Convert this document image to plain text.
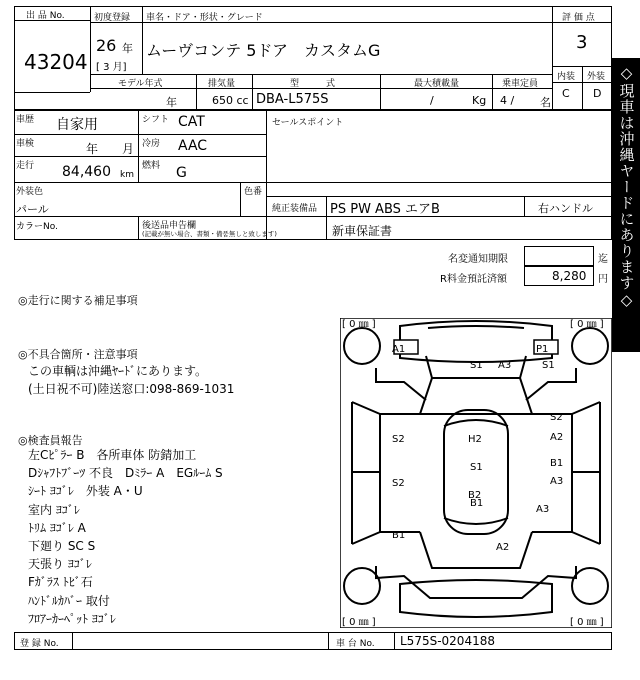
出 品 No.
43204
初度登録
26 年
[ 3 月]
車名・ドア・形状・グレード
ムーヴコンテ 5ドア　カスタムG
評 価 点
3
内装 外装
C D
モデル年式
年
排気量
650 cc
型　　　式
DBA-L575S
最大積載量
/	Kg
乗車定員
4 / 名
車歴 自家用
車検	年 月
走行 84,460 km
シフト CAT
冷房 AAC
燃料 G
セールスポイント
外装色
パール
色番
純正装備品 PS PW ABS エアB	右ハンドル
カラーNo.	後送品申告欄
(記載が無い場合、書類・備품無しと致します)	新車保証書
名変通知期限	迄
R料金預託済額	8,280 円 ◇現車は沖縄ヤードにあります◇
◎走行に関する補足事項
◎不具合箇所・注意事項
この車輌は沖縄ﾔｰﾄﾞにあります。
(土日祝不可)陸送窓口:098-869-1031
◎検査員報告
左Cﾋﾟﾗｰ B　各所車体 防錆加工
Dｼｬﾌﾄﾌﾞｰﾂ 不良　Dﾐﾗｰ A　EGﾙｰﾑ S
ｼｰﾄ ﾖｺﾞﾚ　外装 A・U
室内 ﾖｺﾞﾚ
ﾄﾘﾑ ﾖｺﾞﾚ A
下廻り SC S
天張り ﾖｺﾞﾚ
Fｶﾞﾗｽ ﾄﾋﾞ石
ﾊﾝﾄﾞﾙｶﾊﾞｰ 取付
ﾌﾛｱｰｶｰﾍﾟｯﾄ ﾖｺﾞﾚ
[ 0 ㎜ ]	[ 0 ㎜ ]
[ 0 ㎜ ]	[ 0 ㎜ ]
A1	P1
S1 A3	S1
S2
A2
S2	H2
S1	B1
A3
S2
B2
A3
B1
A2
B1
登 録 No.	車 台 No. L575S-0204188
